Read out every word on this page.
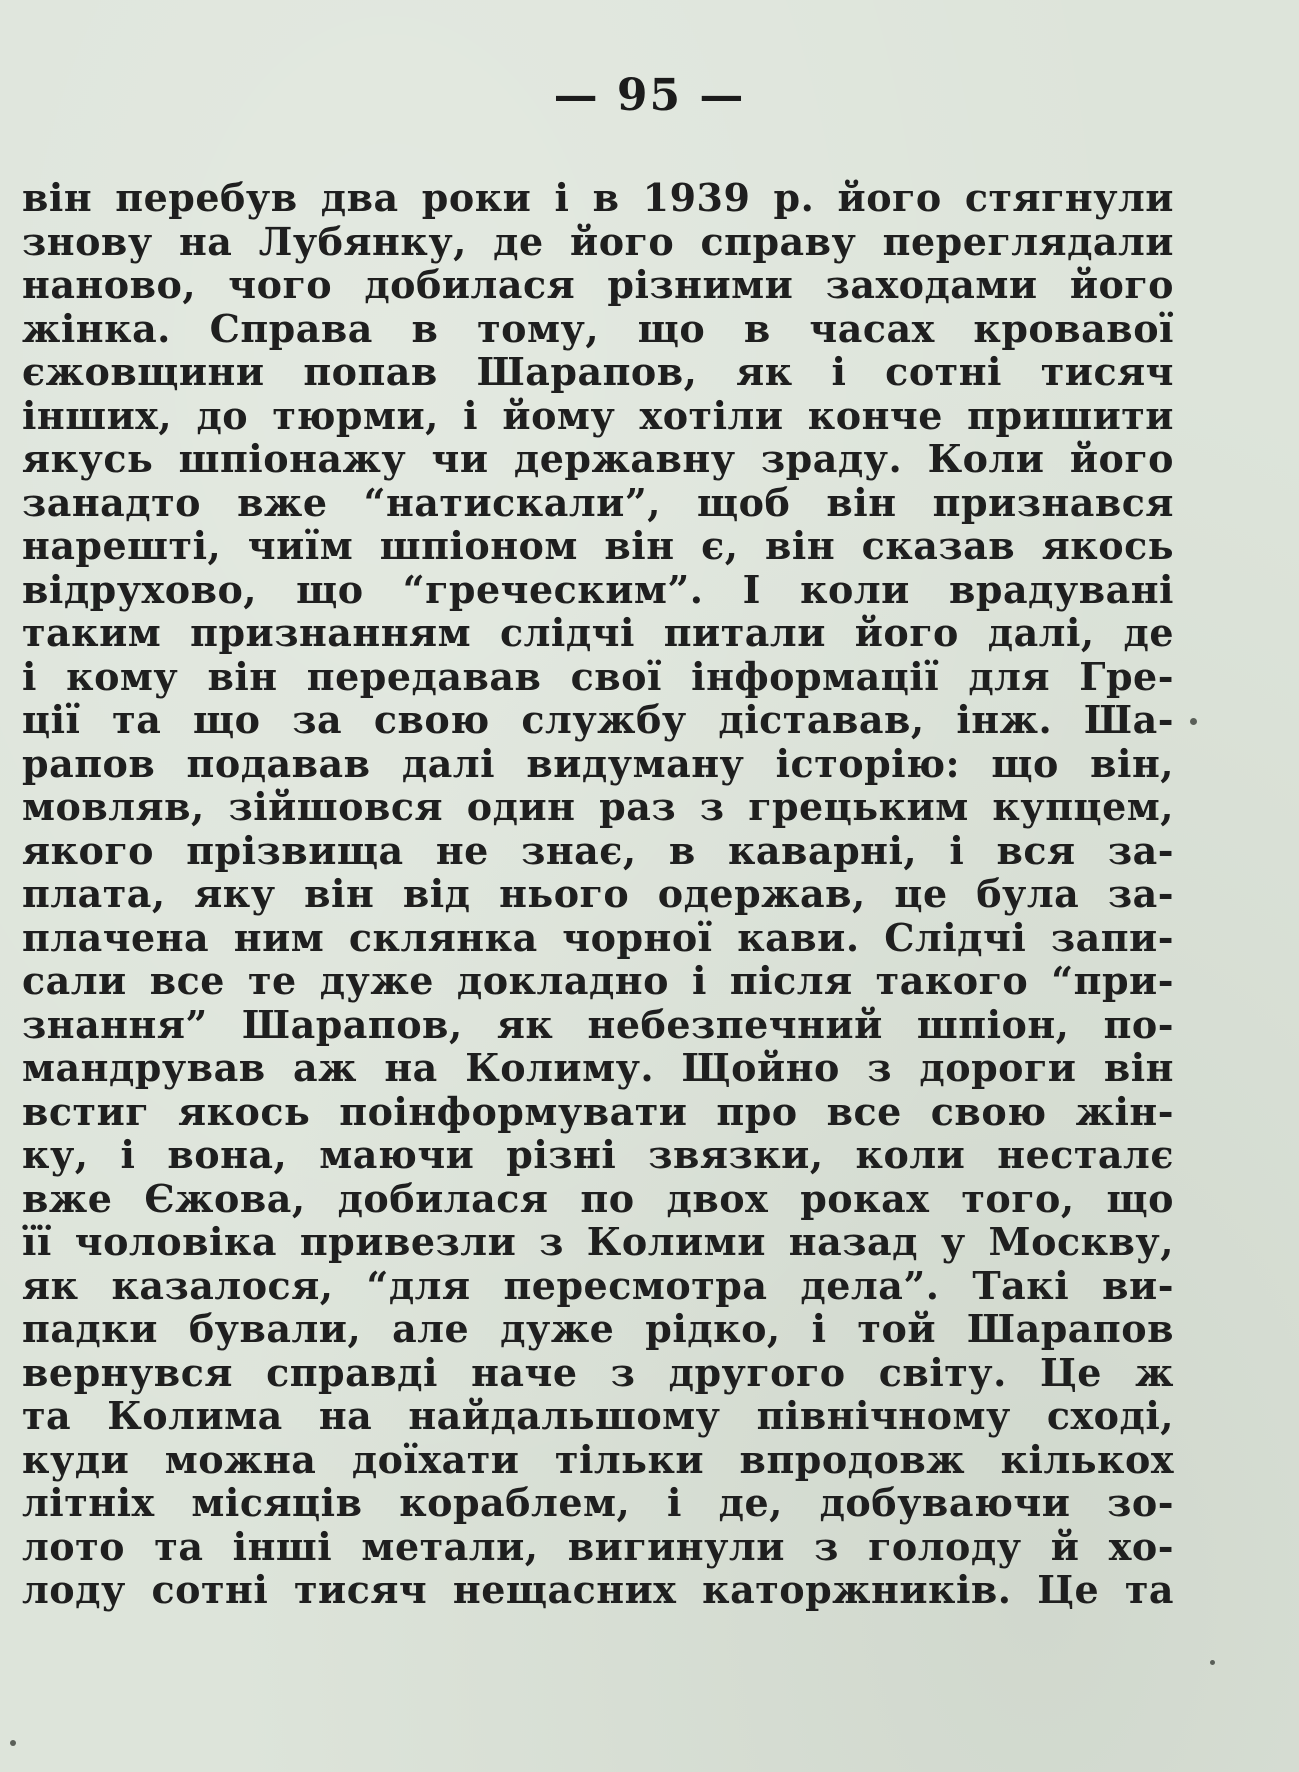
— 95 —
він перебув два роки і в 1939 р. його стягнули
знову на Лубянку, де його справу переглядали
наново, чого добилася різними заходами його
жінка. Справа в тому, що в часах кровавої
єжовщини попав Шарапов, як і сотні тисяч
інших, до тюрми, і йому хотіли конче пришити
якусь шпіонажу чи державну зраду. Коли його
занадто вже “натискали”, щоб він признався
нарешті, чиїм шпіоном він є, він сказав якось
відрухово, що “греческим”. І коли врадувані
таким признанням слідчі питали його далі, де
і кому він передавав свої інформації для Гре-
ції та що за свою службу діставав, інж. Ша-
рапов подавав далі видуману історію: що він,
мовляв, зійшовся один раз з грецьким купцем,
якого прізвища не знає, в каварні, і вся за-
плата, яку він від нього одержав, це була за-
плачена ним склянка чорної кави. Слідчі запи-
сали все те дуже докладно і після такого “при-
знання” Шарапов, як небезпечний шпіон, по-
мандрував аж на Колиму. Щойно з дороги він
встиг якось поінформувати про все свою жін-
ку, і вона, маючи різні звязки, коли несталє
вже Єжова, добилася по двох роках того, що
її чоловіка привезли з Колими назад у Москву,
як казалося, “для пересмотра дела”. Такі ви-
падки бували, але дуже рідко, і той Шарапов
вернувся справді наче з другого світу. Це ж
та Колима на найдальшому північному сході,
куди можна доїхати тільки впродовж кількох
літніх місяців кораблем, і де, добуваючи зо-
лото та інші метали, вигинули з голоду й хо-
лоду сотні тисяч нещасних каторжників. Це та
